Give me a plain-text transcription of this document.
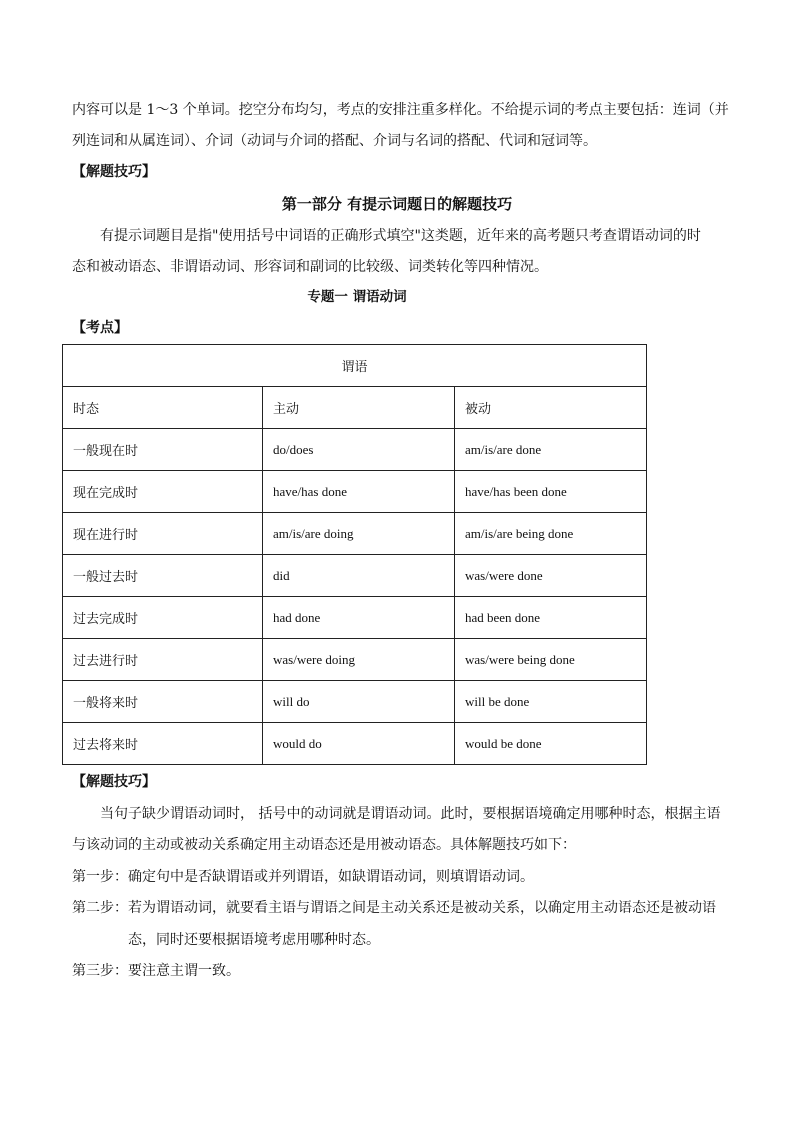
内容可以是 1～3 个单词。挖空分布均匀，考点的安排注重多样化。不给提示词的考点主要包括：连词（并
列连词和从属连词）、介词（动词与介词的搭配、介词与名词的搭配、代词和冠词等。
【解题技巧】
第一部分 有提示词题日的解题技巧
有提示词题目是指"使用括号中词语的正确形式填空"这类题，近年来的高考题只考查谓语动词的时
态和被动语态、非谓语动词、形容词和副词的比较级、词类转化等四种情况。
专题一 谓语动词
【考点】
谓语		
时态	主动	被动
一般现在时	do/does	am/is/are done
现在完成时	have/has done	have/has been done
现在进行时	am/is/are doing	am/is/are being done
一般过去时	did	was/were done
过去完成时	had done	had been done
过去进行时	was/were doing	was/were being done
一般将来时	will do	will be done
过去将来时	would do	would be done
【解题技巧】
当句子缺少谓语动词时， 括号中的动词就是谓语动词。此时，要根据语境确定用哪种时态，根据主语
与该动词的主动或被动关系确定用主动语态还是用被动语态。具体解题技巧如下：
第一步：确定句中是否缺谓语或并列谓语，如缺谓语动词，则填谓语动词。
第二步：若为谓语动词，就要看主语与谓语之间是主动关系还是被动关系，以确定用主动语态还是被动语
态，同时还要根据语境考虑用哪种时态。
第三步：要注意主谓一致。
